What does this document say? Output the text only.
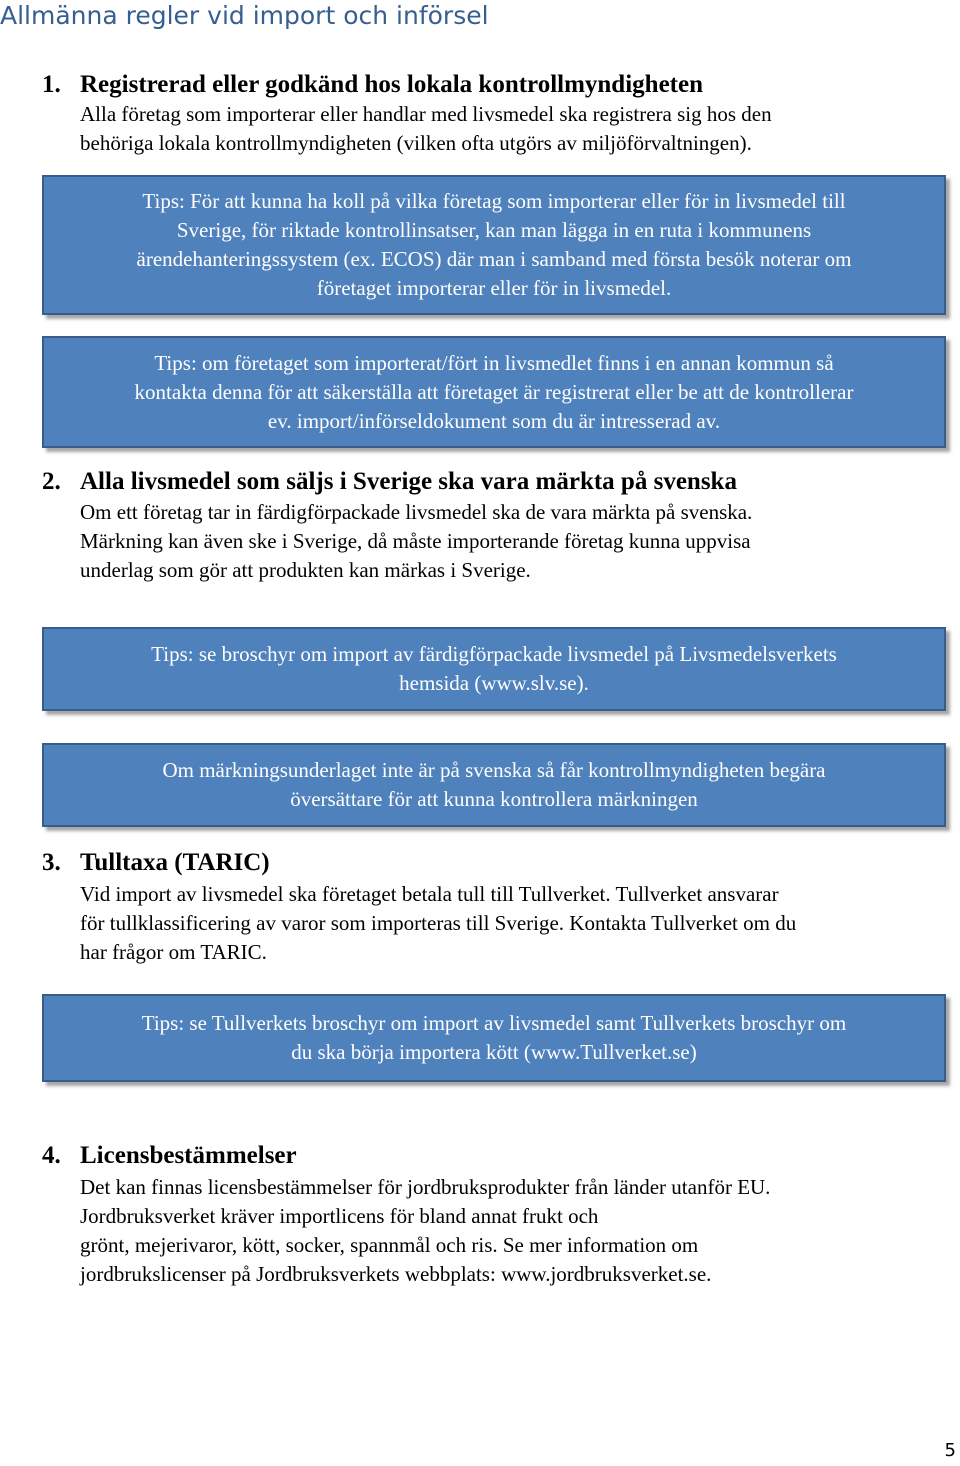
Allmänna regler vid import och införsel
1. Registrerad eller godkänd hos lokala kontrollmyndigheten
Alla företag som importerar eller handlar med livsmedel ska registrera sig hos den
behöriga lokala kontrollmyndigheten (vilken ofta utgörs av miljöförvaltningen).
Tips: För att kunna ha koll på vilka företag som importerar eller för in livsmedel till
Sverige, för riktade kontrollinsatser, kan man lägga in en ruta i kommunens
ärendehanteringssystem (ex. ECOS) där man i samband med första besök noterar om
företaget importerar eller för in livsmedel.
Tips: om företaget som importerat/fört in livsmedlet finns i en annan kommun så
kontakta denna för att säkerställa att företaget är registrerat eller be att de kontrollerar
ev. import/införseldokument som du är intresserad av.
2. Alla livsmedel som säljs i Sverige ska vara märkta på svenska
Om ett företag tar in färdigförpackade livsmedel ska de vara märkta på svenska.
Märkning kan även ske i Sverige, då måste importerande företag kunna uppvisa
underlag som gör att produkten kan märkas i Sverige.
Tips: se broschyr om import av färdigförpackade livsmedel på Livsmedelsverkets
hemsida (www.slv.se).
Om märkningsunderlaget inte är på svenska så får kontrollmyndigheten begära
översättare för att kunna kontrollera märkningen
3. Tulltaxa (TARIC)
Vid import av livsmedel ska företaget betala tull till Tullverket. Tullverket ansvarar
för tullklassificering av varor som importeras till Sverige. Kontakta Tullverket om du
har frågor om TARIC.
Tips: se Tullverkets broschyr om import av livsmedel samt Tullverkets broschyr om
du ska börja importera kött (www.Tullverket.se)
4. Licensbestämmelser
Det kan finnas licensbestämmelser för jordbruksprodukter från länder utanför EU.
Jordbruksverket kräver importlicens för bland annat frukt och
grönt, mejerivaror, kött, socker, spannmål och ris. Se mer information om
jordbrukslicenser på Jordbruksverkets webbplats: www.jordbruksverket.se.
5
